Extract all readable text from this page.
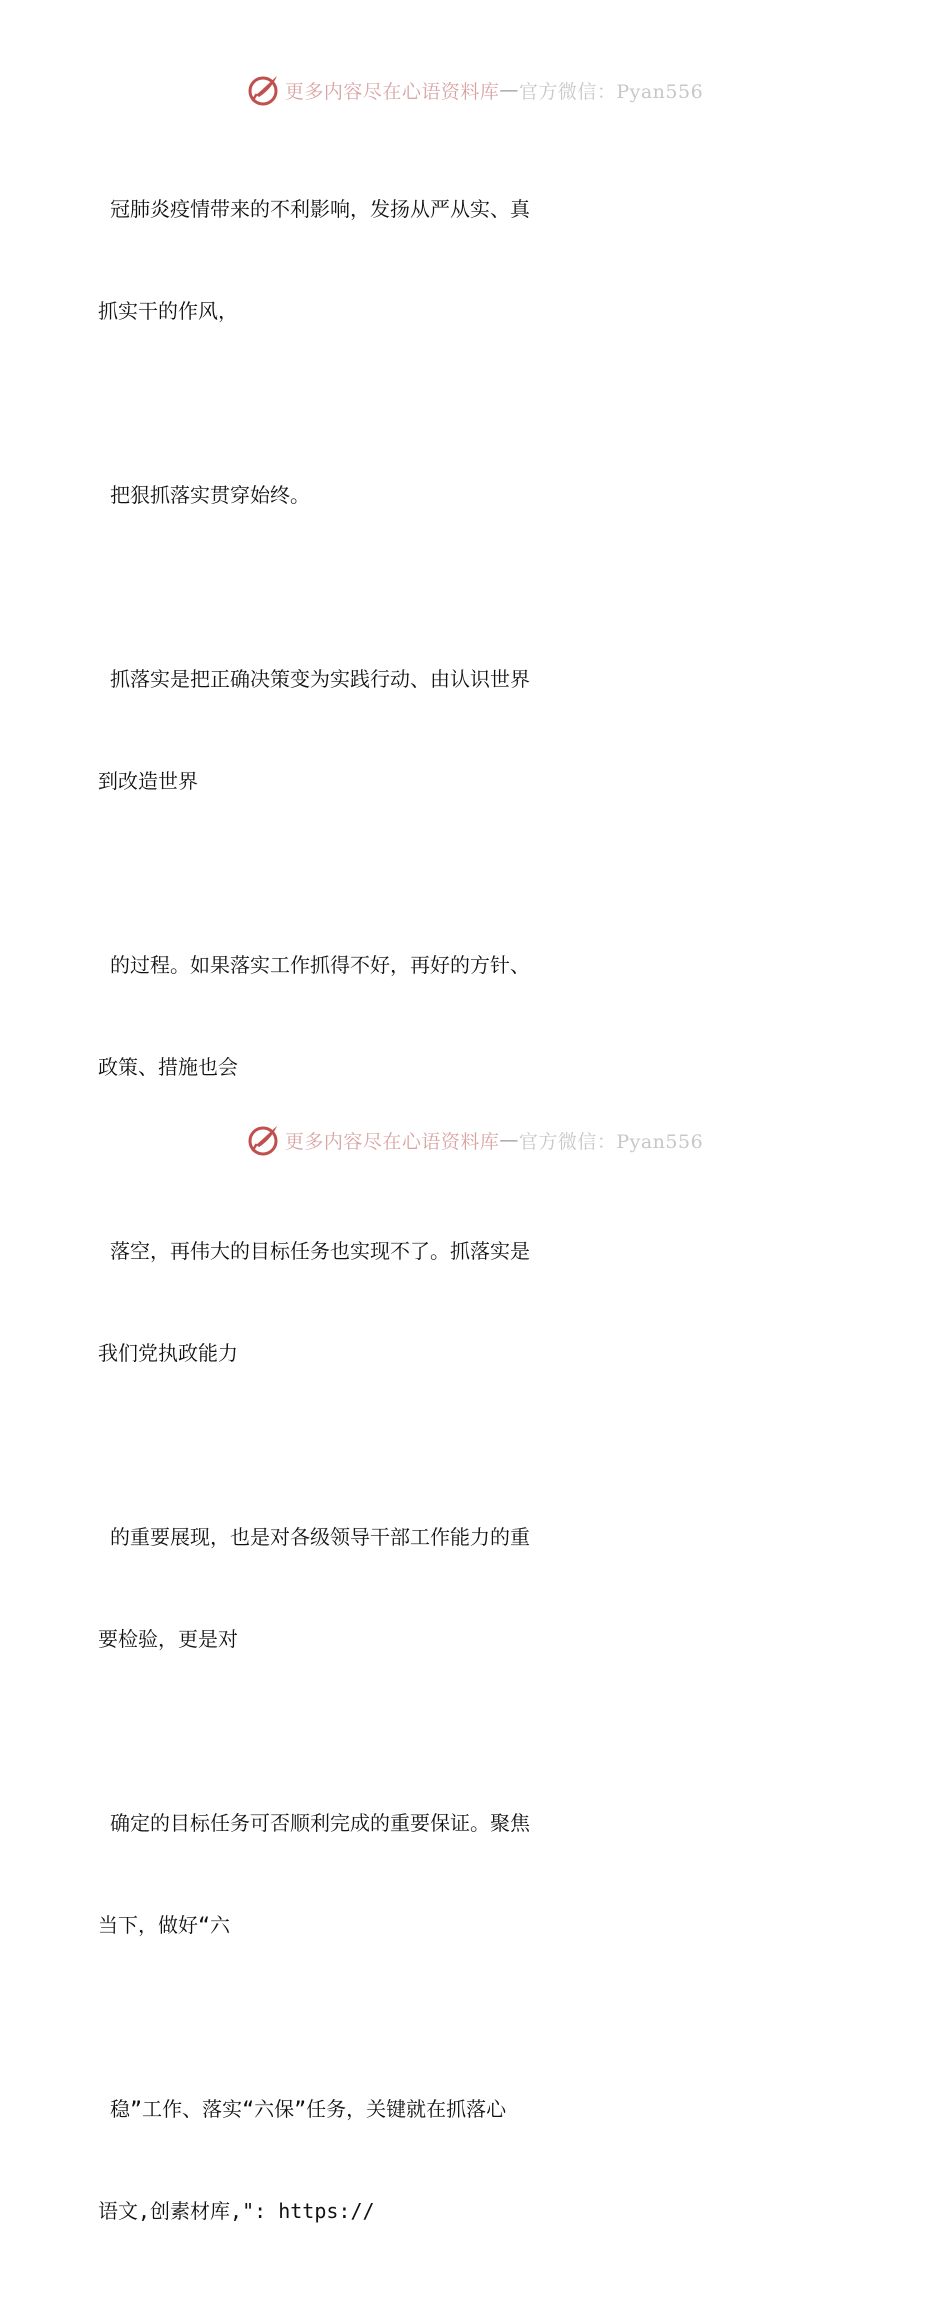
更多内容尽在心语资料库 — 官方微信：Pyan556

冠肺炎疫情带来的不利影响，发扬从严从实、真

抓实干的作风，

把狠抓落实贯穿始终。

抓落实是把正确决策变为实践行动、由认识世界

到改造世界

的过程。如果落实工作抓得不好，再好的方针、

政策、措施也会

落空，再伟大的目标任务也实现不了。抓落实是

我们党执政能力

的重要展现，也是对各级领导干部工作能力的重

要检验，更是对

确定的目标任务可否顺利完成的重要保证。聚焦

当下，做好“六

稳”工作、落实“六保”任务，关键就在抓落心

语文,创素材库,": https://

更多内容尽在心语资料库 — 官方微信：Pyan556
